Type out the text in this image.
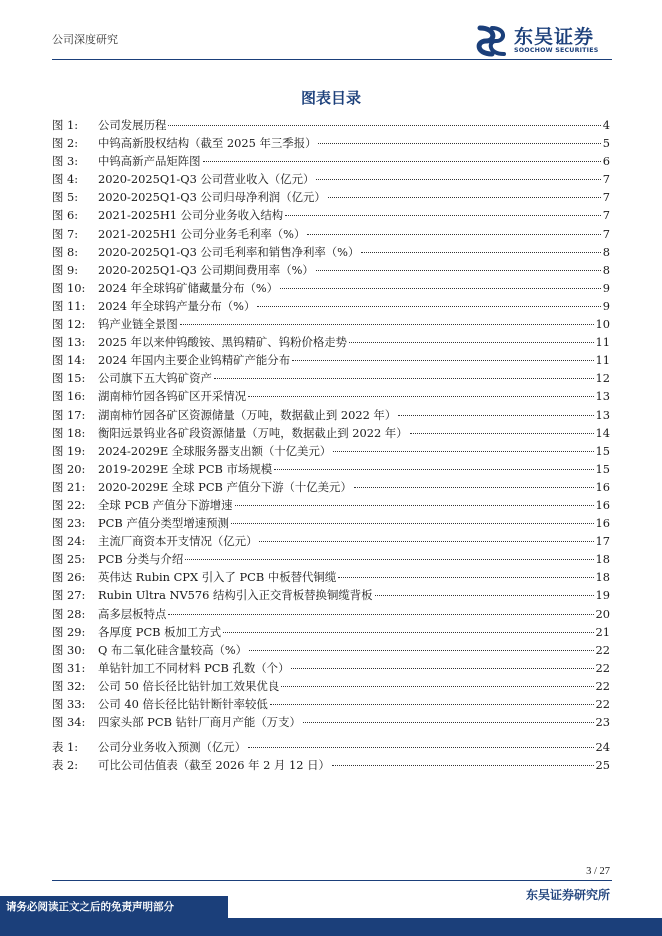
公司深度研究	东吴证券
SOOCHOW SECURITIES
图表目录
图 1:	公司发展历程	4
图 2:	中钨高新股权结构（截至 2025 年三季报）	5
图 3:	中钨高新产品矩阵图	6
图 4:	2020-2025Q1-Q3 公司营业收入（亿元）	7
图 5:	2020-2025Q1-Q3 公司归母净利润（亿元）	7
图 6:	2021-2025H1 公司分业务收入结构	7
图 7:	2021-2025H1 公司分业务毛利率（%）	7
图 8:	2020-2025Q1-Q3 公司毛利率和销售净利率（%）	8
图 9:	2020-2025Q1-Q3 公司期间费用率（%）	8
图 10:	2024 年全球钨矿储藏量分布（%）	9
图 11:	2024 年全球钨产量分布（%）	9
图 12:	钨产业链全景图	10
图 13:	2025 年以来仲钨酸铵、黑钨精矿、钨粉价格走势	11
图 14:	2024 年国内主要企业钨精矿产能分布	11
图 15:	公司旗下五大钨矿资产	12
图 16:	湖南柿竹园各钨矿区开采情况	13
图 17:	湖南柿竹园各矿区资源储量（万吨，数据截止到 2022 年）	13
图 18:	衡阳远景钨业各矿段资源储量（万吨，数据截止到 2022 年）	14
图 19:	2024-2029E 全球服务器支出额（十亿美元）	15
图 20:	2019-2029E 全球 PCB 市场规模	15
图 21:	2020-2029E 全球 PCB 产值分下游（十亿美元）	16
图 22:	全球 PCB 产值分下游增速	16
图 23:	PCB 产值分类型增速预测	16
图 24:	主流厂商资本开支情况（亿元）	17
图 25:	PCB 分类与介绍	18
图 26:	英伟达 Rubin CPX 引入了 PCB 中板替代铜缆	18
图 27:	Rubin Ultra NV576 结构引入正交背板替换铜缆背板	19
图 28:	高多层板特点	20
图 29:	各厚度 PCB 板加工方式	21
图 30:	Q 布二氧化硅含量较高（%）	22
图 31:	单钻针加工不同材料 PCB 孔数（个）	22
图 32:	公司 50 倍长径比钻针加工效果优良	22
图 33:	公司 40 倍长径比钻针断针率较低	22
图 34:	四家头部 PCB 钻针厂商月产能（万支）	23
表 1:	公司分业务收入预测（亿元）	24
表 2:	可比公司估值表（截至 2026 年 2 月 12 日）	25
3 / 27
东吴证券研究所
请务必阅读正文之后的免责声明部分
